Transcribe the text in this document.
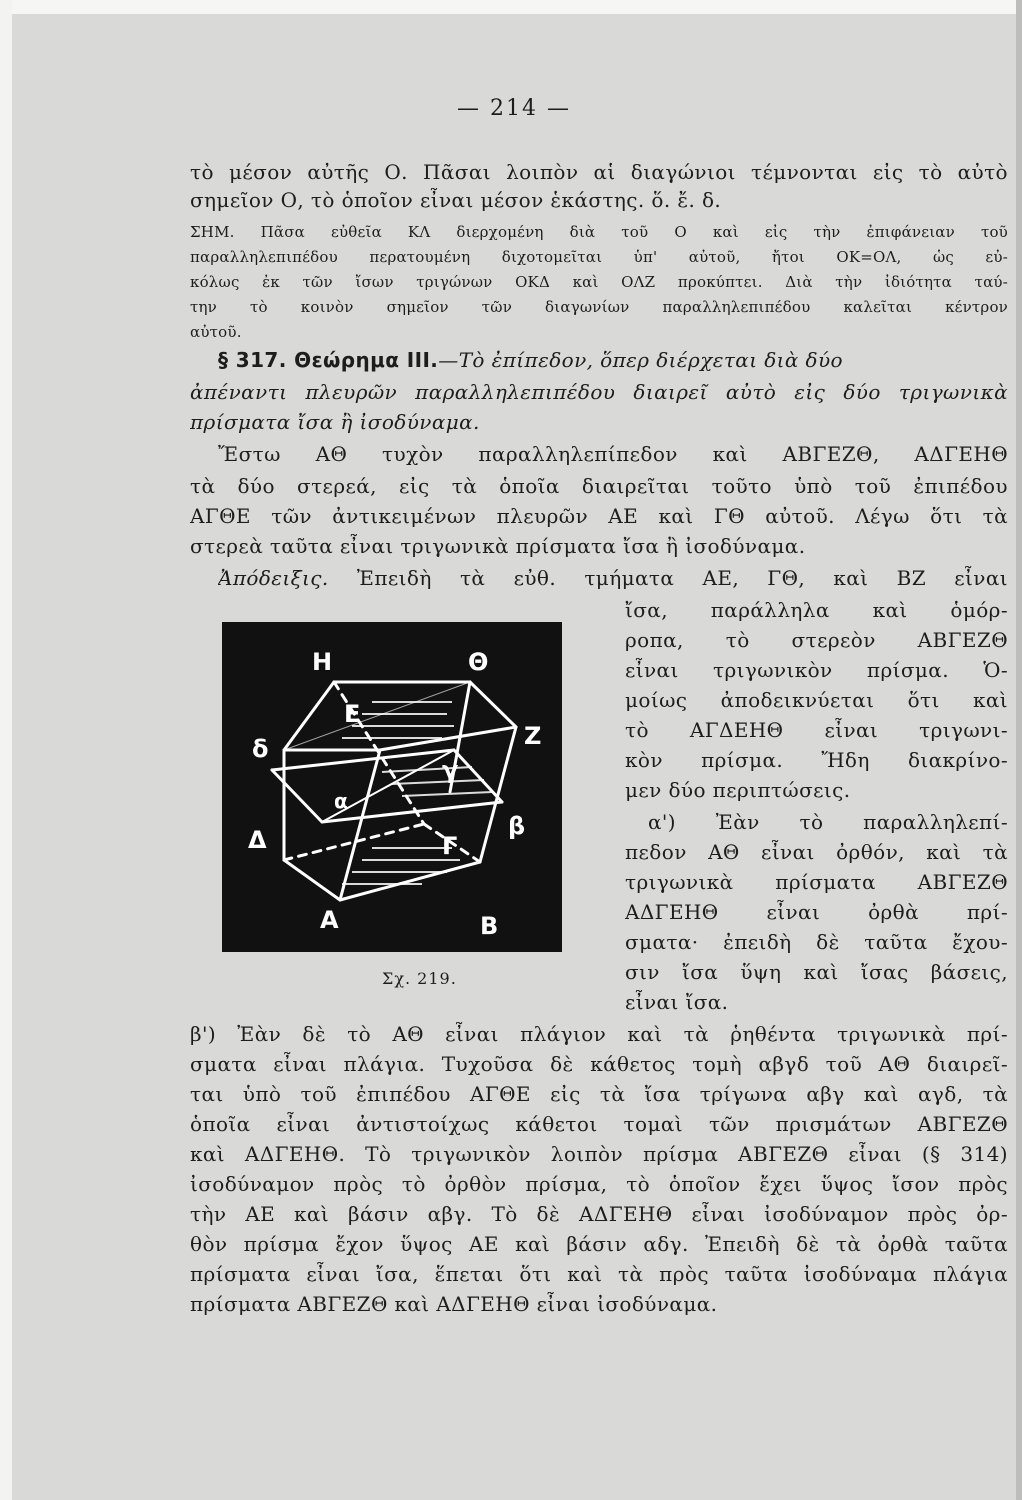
— 214 —
τὸ μέσον αὐτῆς Ο. Πᾶσαι λοιπὸν αἱ διαγώνιοι τέμνονται εἰς τὸ αὐτὸ
σημεῖον Ο, τὸ ὁποῖον εἶναι μέσον ἑκάστης. ὅ. ἔ. δ.
ΣΗΜ. Πᾶσα εὐθεῖα ΚΛ διερχομένη διὰ τοῦ Ο καὶ εἰς τὴν ἐπιφάνειαν τοῦ
παραλληλεπιπέδου περατουμένη διχοτομεῖται ὑπ' αὐτοῦ, ἤτοι ΟΚ=ΟΛ, ὡς εὐ-
κόλως ἐκ τῶν ἴσων τριγώνων ΟΚΔ καὶ ΟΛΖ προκύπτει. Διὰ τὴν ἰδιότητα ταύ-
την τὸ κοινὸν σημεῖον τῶν διαγωνίων παραλληλεπιπέδου καλεῖται κέντρον
αὐτοῦ.
§ 317. Θεώρημα III.—Τὸ ἐπίπεδον, ὅπερ διέρχεται διὰ δύο
ἀπέναντι πλευρῶν παραλληλεπιπέδου διαιρεῖ αὐτὸ εἰς δύο τριγωνικὰ
πρίσματα ἴσα ἢ ἰσοδύναμα.
Ἔστω ΑΘ τυχὸν παραλληλεπίπεδον καὶ ΑΒΓΕΖΘ, ΑΔΓΕΗΘ
τὰ δύο στερεά, εἰς τὰ ὁποῖα διαιρεῖται τοῦτο ὑπὸ τοῦ ἐπιπέδου
ΑΓΘΕ τῶν ἀντικειμένων πλευρῶν ΑΕ καὶ ΓΘ αὐτοῦ. Λέγω ὅτι τὰ
στερεὰ ταῦτα εἶναι τριγωνικὰ πρίσματα ἴσα ἢ ἰσοδύναμα.
Ἀπόδειξις. Ἐπειδὴ τὰ εὐθ. τμήματα ΑΕ, ΓΘ, καὶ ΒΖ εἶναι
ἴσα, παράλληλα καὶ ὁμόρ-
ροπα, τὸ στερεὸν ΑΒΓΕΖΘ
εἶναι τριγωνικὸν πρίσμα. Ὁ-
μοίως ἀποδεικνύεται ὅτι καὶ
τὸ ΑΓΔΕΗΘ εἶναι τριγωνι-
κὸν πρίσμα. Ἤδη διακρίνο-
μεν δύο περιπτώσεις.
α') Ἐὰν τὸ παραλληλεπί-
πεδον ΑΘ εἶναι ὀρθόν, καὶ τὰ
τριγωνικὰ πρίσματα ΑΒΓΕΖΘ
ΑΔΓΕΗΘ εἶναι ὀρθὰ πρί-
σματα· ἐπειδὴ δὲ ταῦτα ἔχου-
σιν ἴσα ὕψη καὶ ἴσας βάσεις,
εἶναι ἴσα.
Η	Θ
δ
Ε
Ζ
γ
β
Δ
α
Γ
Α	Β
Σχ. 219.
β') Ἐὰν δὲ τὸ ΑΘ εἶναι πλάγιον καὶ τὰ ῥηθέντα τριγωνικὰ πρί-
σματα εἶναι πλάγια. Τυχοῦσα δὲ κάθετος τομὴ αβγδ τοῦ ΑΘ διαιρεῖ-
ται ὑπὸ τοῦ ἐπιπέδου ΑΓΘΕ εἰς τὰ ἴσα τρίγωνα αβγ καὶ αγδ, τὰ
ὁποῖα εἶναι ἀντιστοίχως κάθετοι τομαὶ τῶν πρισμάτων ΑΒΓΕΖΘ
καὶ ΑΔΓΕΗΘ. Τὸ τριγωνικὸν λοιπὸν πρίσμα ΑΒΓΕΖΘ εἶναι (§ 314)
ἰσοδύναμον πρὸς τὸ ὀρθὸν πρίσμα, τὸ ὁποῖον ἔχει ὕψος ἴσον πρὸς
τὴν ΑΕ καὶ βάσιν αβγ. Τὸ δὲ ΑΔΓΕΗΘ εἶναι ἰσοδύναμον πρὸς ὀρ-
θὸν πρίσμα ἔχον ὕψος ΑΕ καὶ βάσιν αδγ. Ἐπειδὴ δὲ τὰ ὀρθὰ ταῦτα
πρίσματα εἶναι ἴσα, ἕπεται ὅτι καὶ τὰ πρὸς ταῦτα ἰσοδύναμα πλάγια
πρίσματα ΑΒΓΕΖΘ καὶ ΑΔΓΕΗΘ εἶναι ἰσοδύναμα.
